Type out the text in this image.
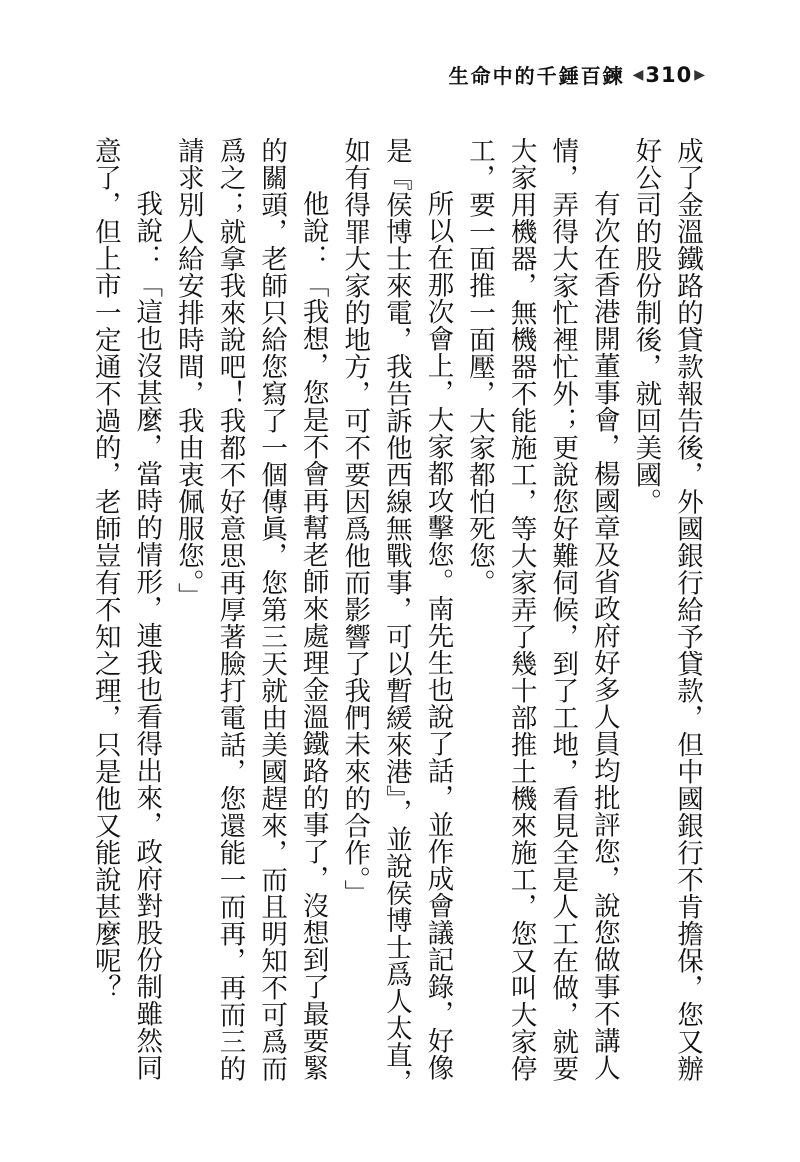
生命中的千錘百鍊 ◀ 310 ▶

成了金溫鐵路的貸款報告後，外國銀行給予貸款，但中國銀行不肯擔保，您又辦好公司的股份制後，就回美國。

有次在香港開董事會，楊國章及省政府好多人員均批評您，說您做事不講人情，弄得大家忙裡忙外；更說您好難伺候，到了工地，看見全是人工在做，就要大家用機器，無機器不能施工，等大家弄了幾十部推土機來施工，您又叫大家停工，要一面推一面壓，大家都怕死您。

所以在那次會上，大家都攻擊您。南先生也說了話，並作成會議記錄，好像是『侯博士來電，我告訴他西線無戰事，可以暫緩來港』，並說侯博士爲人太直，如有得罪大家的地方，可不要因爲他而影響了我們未來的合作。」

他說：「我想，您是不會再幫老師來處理金溫鐵路的事了，沒想到了最要緊的關頭，老師只給您寫了一個傳眞，您第三天就由美國趕來，而且明知不可爲而爲之；就拿我來說吧！我都不好意思再厚著臉打電話，您還能一而再，再而三的請求別人給安排時間，我由衷佩服您。」

我說：「這也沒甚麼，當時的情形，連我也看得出來，政府對股份制雖然同意了，但上市一定通不過的，老師豈有不知之理，只是他又能說甚麼呢？
